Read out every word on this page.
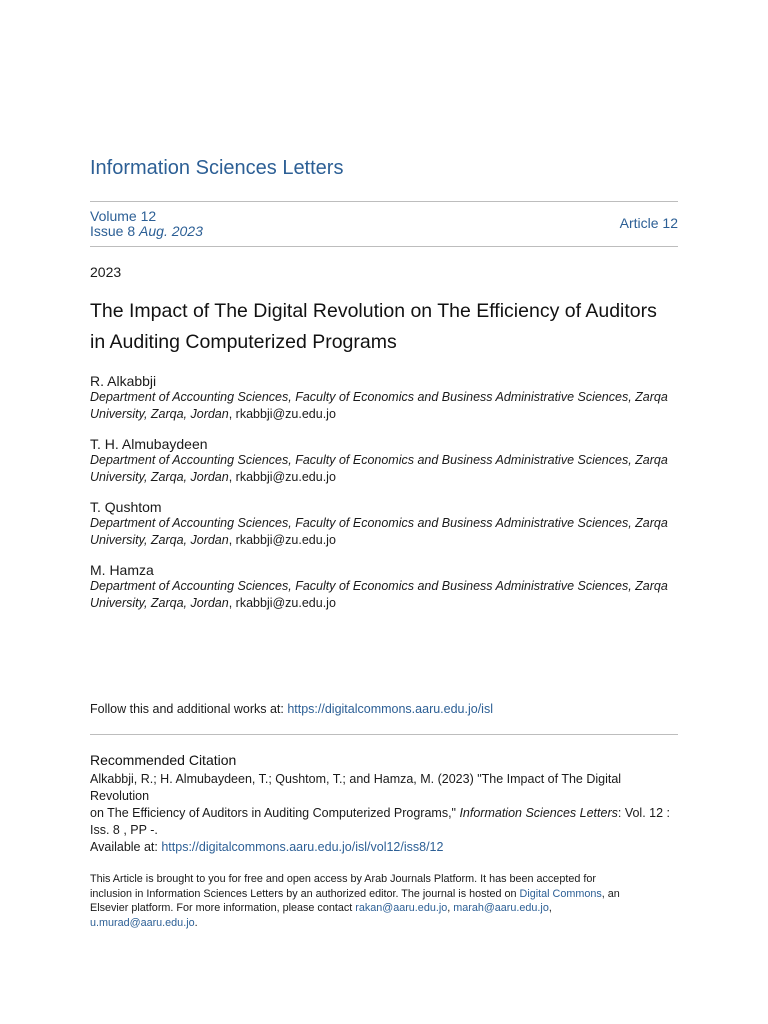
Information Sciences Letters
Volume 12
Issue 8 Aug. 2023	Article 12
2023
The Impact of The Digital Revolution on The Efficiency of Auditors
in Auditing Computerized Programs
R. Alkabbji
Department of Accounting Sciences, Faculty of Economics and Business Administrative Sciences, Zarqa
University, Zarqa, Jordan, rkabbji@zu.edu.jo
T. H. Almubaydeen
Department of Accounting Sciences, Faculty of Economics and Business Administrative Sciences, Zarqa
University, Zarqa, Jordan, rkabbji@zu.edu.jo
T. Qushtom
Department of Accounting Sciences, Faculty of Economics and Business Administrative Sciences, Zarqa
University, Zarqa, Jordan, rkabbji@zu.edu.jo
M. Hamza
Department of Accounting Sciences, Faculty of Economics and Business Administrative Sciences, Zarqa
University, Zarqa, Jordan, rkabbji@zu.edu.jo
Follow this and additional works at: https://digitalcommons.aaru.edu.jo/isl
Recommended Citation
Alkabbji, R.; H. Almubaydeen, T.; Qushtom, T.; and Hamza, M. (2023) "The Impact of The Digital Revolution
on The Efficiency of Auditors in Auditing Computerized Programs," Information Sciences Letters: Vol. 12 :
Iss. 8 , PP -.
Available at: https://digitalcommons.aaru.edu.jo/isl/vol12/iss8/12
This Article is brought to you for free and open access by Arab Journals Platform. It has been accepted for
inclusion in Information Sciences Letters by an authorized editor. The journal is hosted on Digital Commons, an
Elsevier platform. For more information, please contact rakan@aaru.edu.jo, marah@aaru.edu.jo,
u.murad@aaru.edu.jo.
